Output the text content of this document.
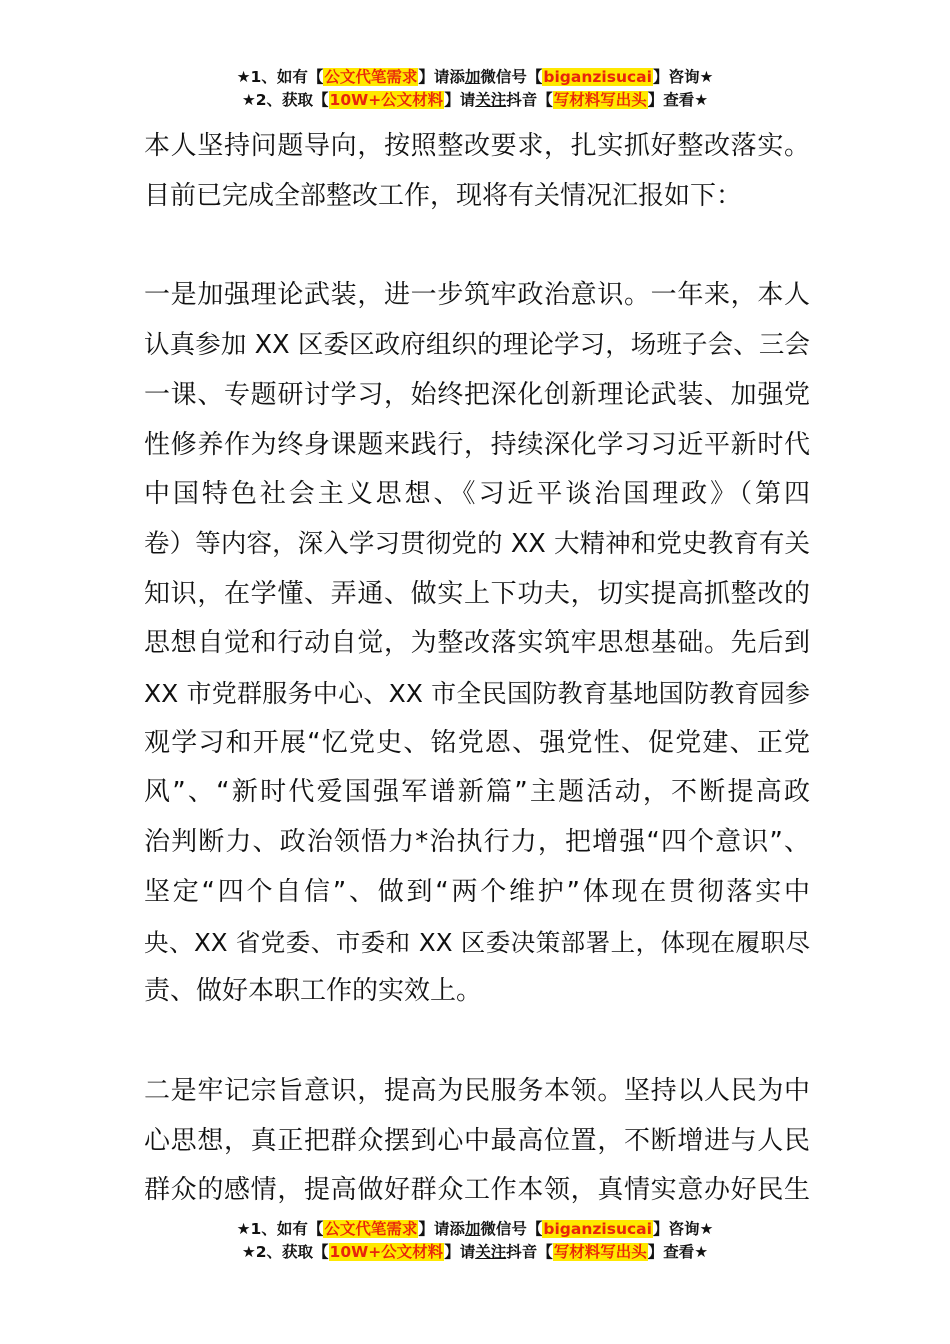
★1、如有【公文代笔需求】请添加微信号【biganzisucai】咨询★
★2、获取【10W+公文材料】请关注抖音【写材料写出头】查看★
本人坚持问题导向，按照整改要求，扎实抓好整改落实。
目前已完成全部整改工作，现将有关情况汇报如下：
一是加强理论武装，进一步筑牢政治意识。一年来，本人
认真参加 XX 区委区政府组织的理论学习，场班子会、三会
一课、专题研讨学习，始终把深化创新理论武装、加强党
性修养作为终身课题来践行，持续深化学习习近平新时代
中国特色社会主义思想、《习近平谈治国理政》（第四
卷）等内容，深入学习贯彻党的 XX 大精神和党史教育有关
知识，在学懂、弄通、做实上下功夫，切实提高抓整改的
思想自觉和行动自觉，为整改落实筑牢思想基础。先后到
XX 市党群服务中心、XX 市全民国防教育基地国防教育园参
观学习和开展“忆党史、铭党恩、强党性、促党建、正党
风”、“新时代爱国强军谱新篇”主题活动，不断提高政
治判断力、政治领悟力*治执行力，把增强“四个意识”、
坚定“四个自信”、做到“两个维护”体现在贯彻落实中
央、XX 省党委、市委和 XX 区委决策部署上，体现在履职尽
责、做好本职工作的实效上。
二是牢记宗旨意识，提高为民服务本领。坚持以人民为中
心思想，真正把群众摆到心中最高位置，不断增进与人民
群众的感情，提高做好群众工作本领，真情实意办好民生
★1、如有【公文代笔需求】请添加微信号【biganzisucai】咨询★
★2、获取【10W+公文材料】请关注抖音【写材料写出头】查看★
